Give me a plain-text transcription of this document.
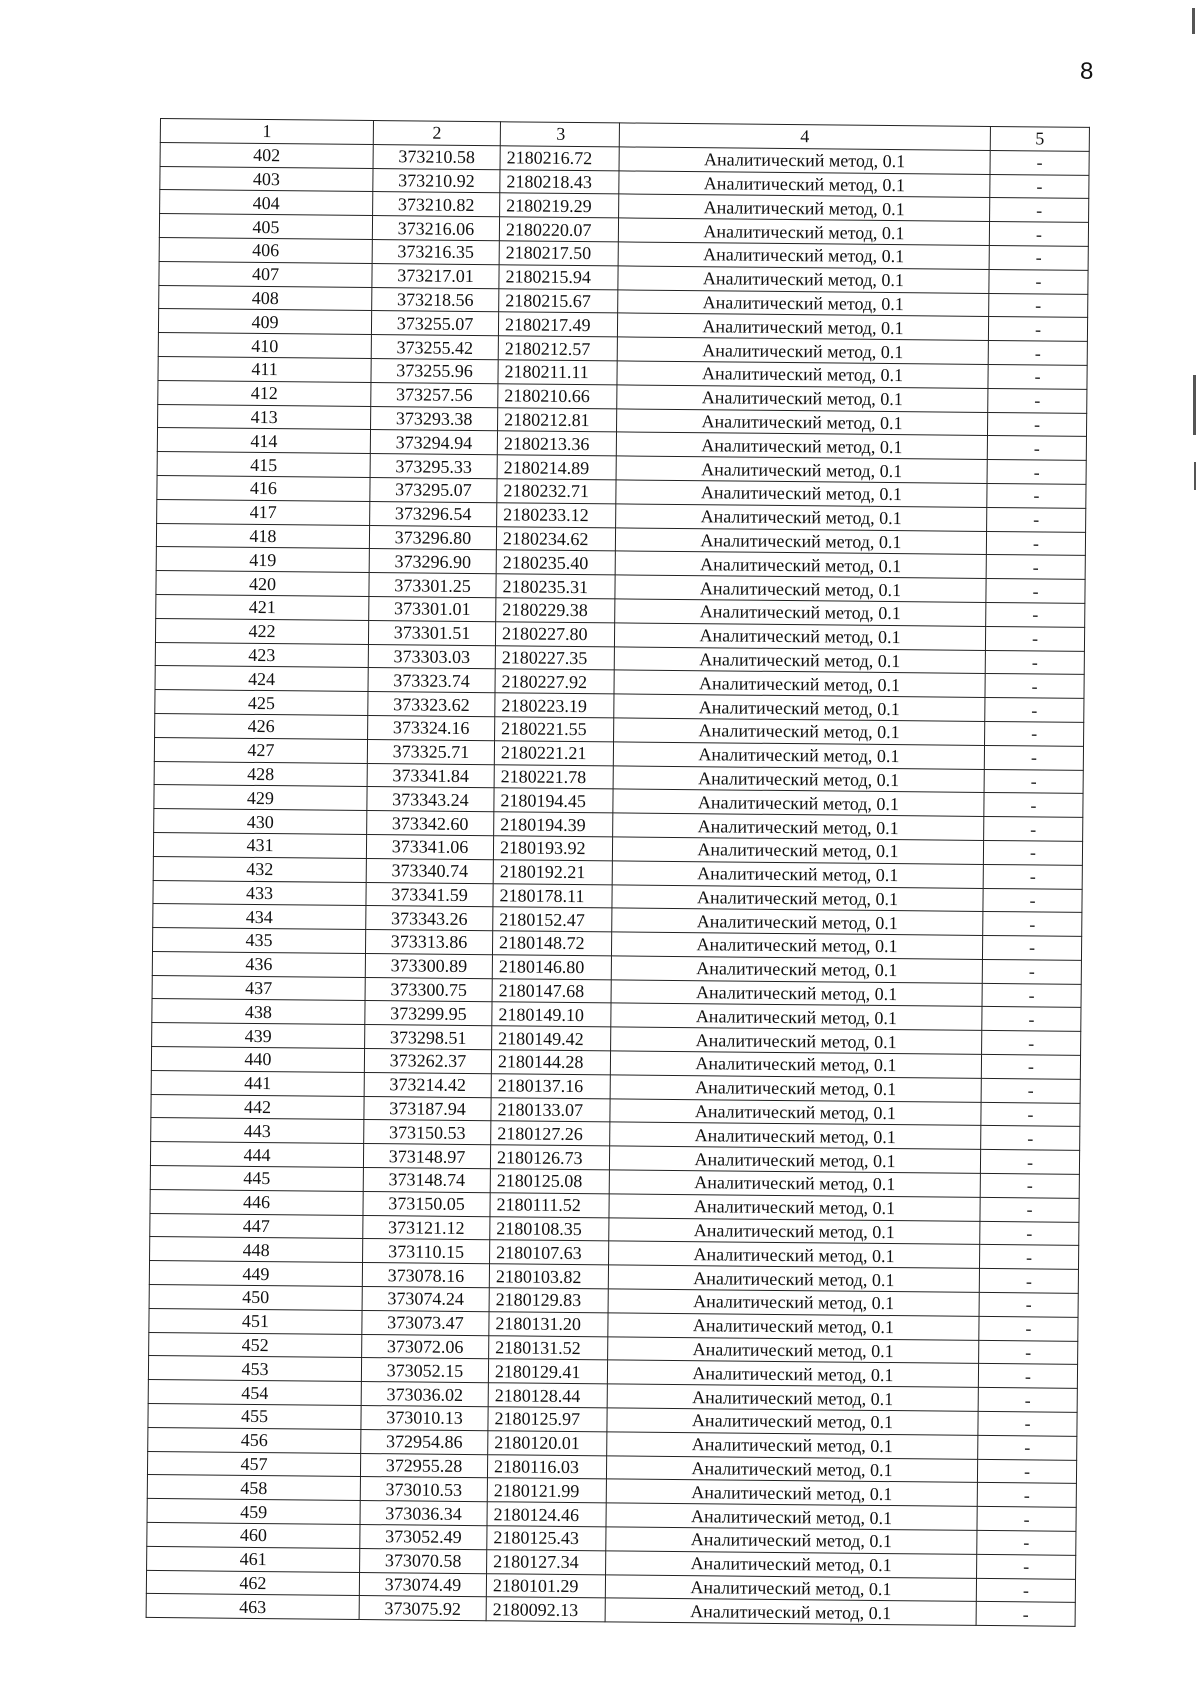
8
1	2	3	4	5
402	373210.58	2180216.72	Аналитический метод, 0.1	-
403	373210.92	2180218.43	Аналитический метод, 0.1	-
404	373210.82	2180219.29	Аналитический метод, 0.1	-
405	373216.06	2180220.07	Аналитический метод, 0.1	-
406	373216.35	2180217.50	Аналитический метод, 0.1	-
407	373217.01	2180215.94	Аналитический метод, 0.1	-
408	373218.56	2180215.67	Аналитический метод, 0.1	-
409	373255.07	2180217.49	Аналитический метод, 0.1	-
410	373255.42	2180212.57	Аналитический метод, 0.1	-
411	373255.96	2180211.11	Аналитический метод, 0.1	-
412	373257.56	2180210.66	Аналитический метод, 0.1	-
413	373293.38	2180212.81	Аналитический метод, 0.1	-
414	373294.94	2180213.36	Аналитический метод, 0.1	-
415	373295.33	2180214.89	Аналитический метод, 0.1	-
416	373295.07	2180232.71	Аналитический метод, 0.1	-
417	373296.54	2180233.12	Аналитический метод, 0.1	-
418	373296.80	2180234.62	Аналитический метод, 0.1	-
419	373296.90	2180235.40	Аналитический метод, 0.1	-
420	373301.25	2180235.31	Аналитический метод, 0.1	-
421	373301.01	2180229.38	Аналитический метод, 0.1	-
422	373301.51	2180227.80	Аналитический метод, 0.1	-
423	373303.03	2180227.35	Аналитический метод, 0.1	-
424	373323.74	2180227.92	Аналитический метод, 0.1	-
425	373323.62	2180223.19	Аналитический метод, 0.1	-
426	373324.16	2180221.55	Аналитический метод, 0.1	-
427	373325.71	2180221.21	Аналитический метод, 0.1	-
428	373341.84	2180221.78	Аналитический метод, 0.1	-
429	373343.24	2180194.45	Аналитический метод, 0.1	-
430	373342.60	2180194.39	Аналитический метод, 0.1	-
431	373341.06	2180193.92	Аналитический метод, 0.1	-
432	373340.74	2180192.21	Аналитический метод, 0.1	-
433	373341.59	2180178.11	Аналитический метод, 0.1	-
434	373343.26	2180152.47	Аналитический метод, 0.1	-
435	373313.86	2180148.72	Аналитический метод, 0.1	-
436	373300.89	2180146.80	Аналитический метод, 0.1	-
437	373300.75	2180147.68	Аналитический метод, 0.1	-
438	373299.95	2180149.10	Аналитический метод, 0.1	-
439	373298.51	2180149.42	Аналитический метод, 0.1	-
440	373262.37	2180144.28	Аналитический метод, 0.1	-
441	373214.42	2180137.16	Аналитический метод, 0.1	-
442	373187.94	2180133.07	Аналитический метод, 0.1	-
443	373150.53	2180127.26	Аналитический метод, 0.1	-
444	373148.97	2180126.73	Аналитический метод, 0.1	-
445	373148.74	2180125.08	Аналитический метод, 0.1	-
446	373150.05	2180111.52	Аналитический метод, 0.1	-
447	373121.12	2180108.35	Аналитический метод, 0.1	-
448	373110.15	2180107.63	Аналитический метод, 0.1	-
449	373078.16	2180103.82	Аналитический метод, 0.1	-
450	373074.24	2180129.83	Аналитический метод, 0.1	-
451	373073.47	2180131.20	Аналитический метод, 0.1	-
452	373072.06	2180131.52	Аналитический метод, 0.1	-
453	373052.15	2180129.41	Аналитический метод, 0.1	-
454	373036.02	2180128.44	Аналитический метод, 0.1	-
455	373010.13	2180125.97	Аналитический метод, 0.1	-
456	372954.86	2180120.01	Аналитический метод, 0.1	-
457	372955.28	2180116.03	Аналитический метод, 0.1	-
458	373010.53	2180121.99	Аналитический метод, 0.1	-
459	373036.34	2180124.46	Аналитический метод, 0.1	-
460	373052.49	2180125.43	Аналитический метод, 0.1	-
461	373070.58	2180127.34	Аналитический метод, 0.1	-
462	373074.49	2180101.29	Аналитический метод, 0.1	-
463	373075.92	2180092.13	Аналитический метод, 0.1	-
